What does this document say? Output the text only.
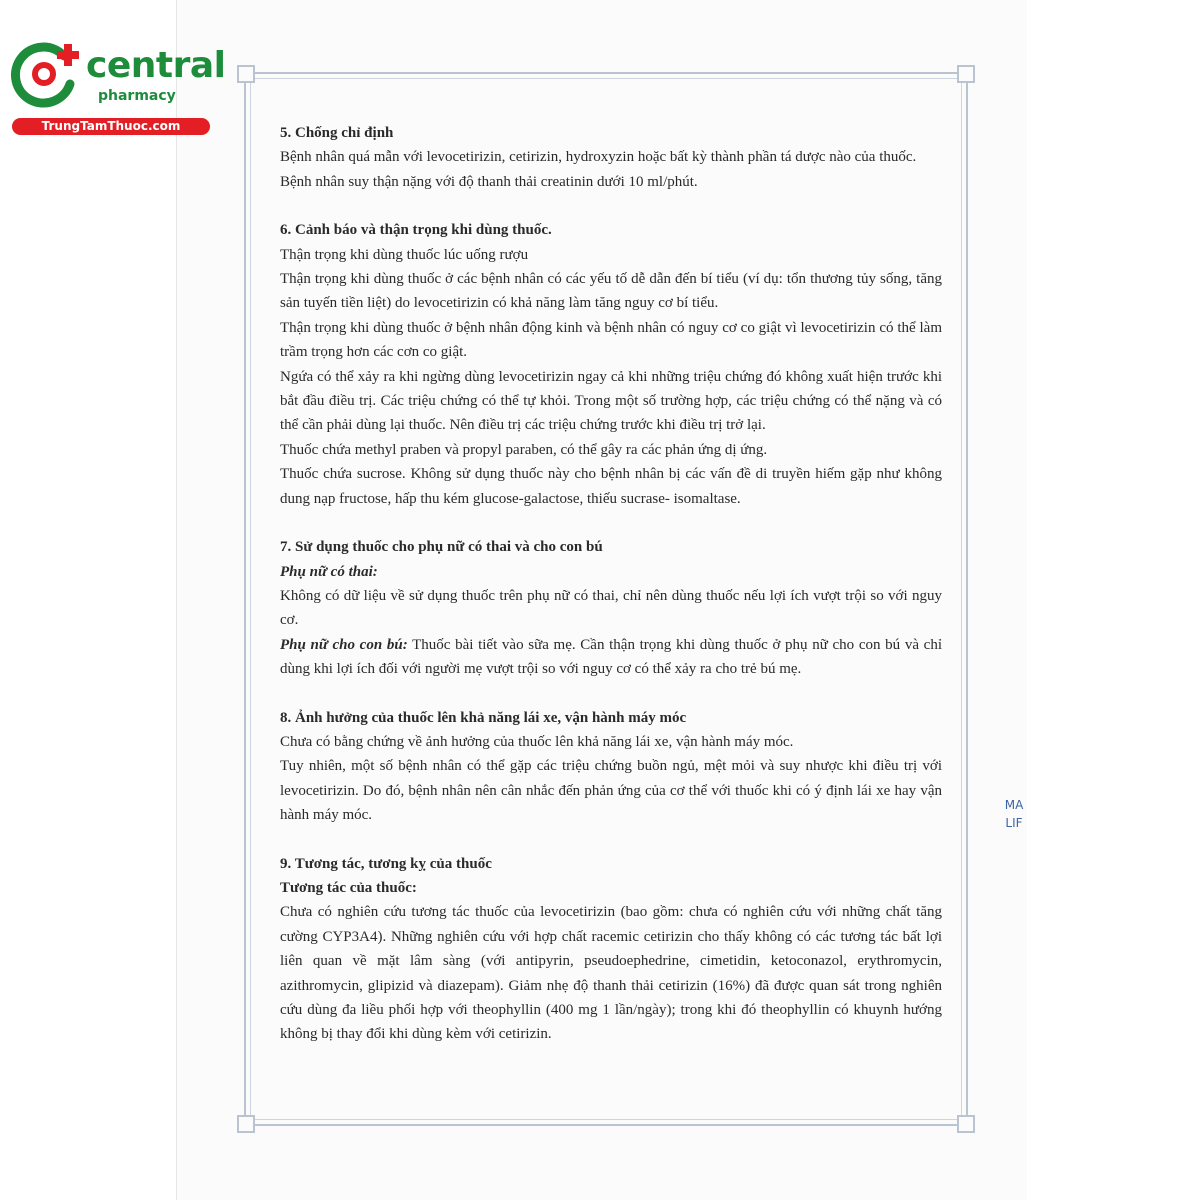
central
pharmacy
TrungTamThuoc.com	5. Chống chỉ định

Bệnh nhân quá mẫn với levocetirizin, cetirizin, hydroxyzin hoặc bất kỳ thành phần tá dược nào của thuốc.

Bệnh nhân suy thận nặng với độ thanh thải creatinin dưới 10 ml/phút.

6. Cảnh báo và thận trọng khi dùng thuốc.

Thận trọng khi dùng thuốc lúc uống rượu

Thận trọng khi dùng thuốc ở các bệnh nhân có các yếu tố dễ dẫn đến bí tiểu (ví dụ: tổn thương tủy sống, tăng sản tuyến tiền liệt) do levocetirizin có khả năng làm tăng nguy cơ bí tiểu.

Thận trọng khi dùng thuốc ở bệnh nhân động kinh và bệnh nhân có nguy cơ co giật vì levocetirizin có thể làm trầm trọng hơn các cơn co giật.

Ngứa có thể xảy ra khi ngừng dùng levocetirizin ngay cả khi những triệu chứng đó không xuất hiện trước khi bắt đầu điều trị. Các triệu chứng có thể tự khỏi. Trong một số trường hợp, các triệu chứng có thể nặng và có thể cần phải dùng lại thuốc. Nên điều trị các triệu chứng trước khi điều trị trở lại.

Thuốc chứa methyl praben và propyl paraben, có thể gây ra các phản ứng dị ứng.

Thuốc chứa sucrose. Không sử dụng thuốc này cho bệnh nhân bị các vấn đề di truyền hiếm gặp như không dung nạp fructose, hấp thu kém glucose-galactose, thiếu sucrase- isomaltase.

7. Sử dụng thuốc cho phụ nữ có thai và cho con bú

Phụ nữ có thai:

Không có dữ liệu về sử dụng thuốc trên phụ nữ có thai, chỉ nên dùng thuốc nếu lợi ích vượt trội so với nguy cơ.

Phụ nữ cho con bú: Thuốc bài tiết vào sữa mẹ. Cần thận trọng khi dùng thuốc ở phụ nữ cho con bú và chỉ dùng khi lợi ích đối với người mẹ vượt trội so với nguy cơ có thể xảy ra cho trẻ bú mẹ.

8. Ảnh hưởng của thuốc lên khả năng lái xe, vận hành máy móc

Chưa có bằng chứng về ảnh hưởng của thuốc lên khả năng lái xe, vận hành máy móc.

Tuy nhiên, một số bệnh nhân có thể gặp các triệu chứng buồn ngủ, mệt mỏi và suy nhược khi điều trị với levocetirizin. Do đó, bệnh nhân nên cân nhắc đến phản ứng của cơ thể với thuốc khi có ý định lái xe hay vận hành máy móc.

9. Tương tác, tương kỵ của thuốc

Tương tác của thuốc:

Chưa có nghiên cứu tương tác thuốc của levocetirizin (bao gồm: chưa có nghiên cứu với những chất tăng cường CYP3A4). Những nghiên cứu với hợp chất racemic cetirizin cho thấy không có các tương tác bất lợi liên quan về mặt lâm sàng (với antipyrin, pseudoephedrine, cimetidin, ketoconazol, erythromycin, azithromycin, glipizid và diazepam). Giảm nhẹ độ thanh thải cetirizin (16%) đã được quan sát trong nghiên cứu dùng đa liều phối hợp với theophyllin (400 mg 1 lần/ngày); trong khi đó theophyllin có khuynh hướng không bị thay đổi khi dùng kèm với cetirizin.

MA
LIF
